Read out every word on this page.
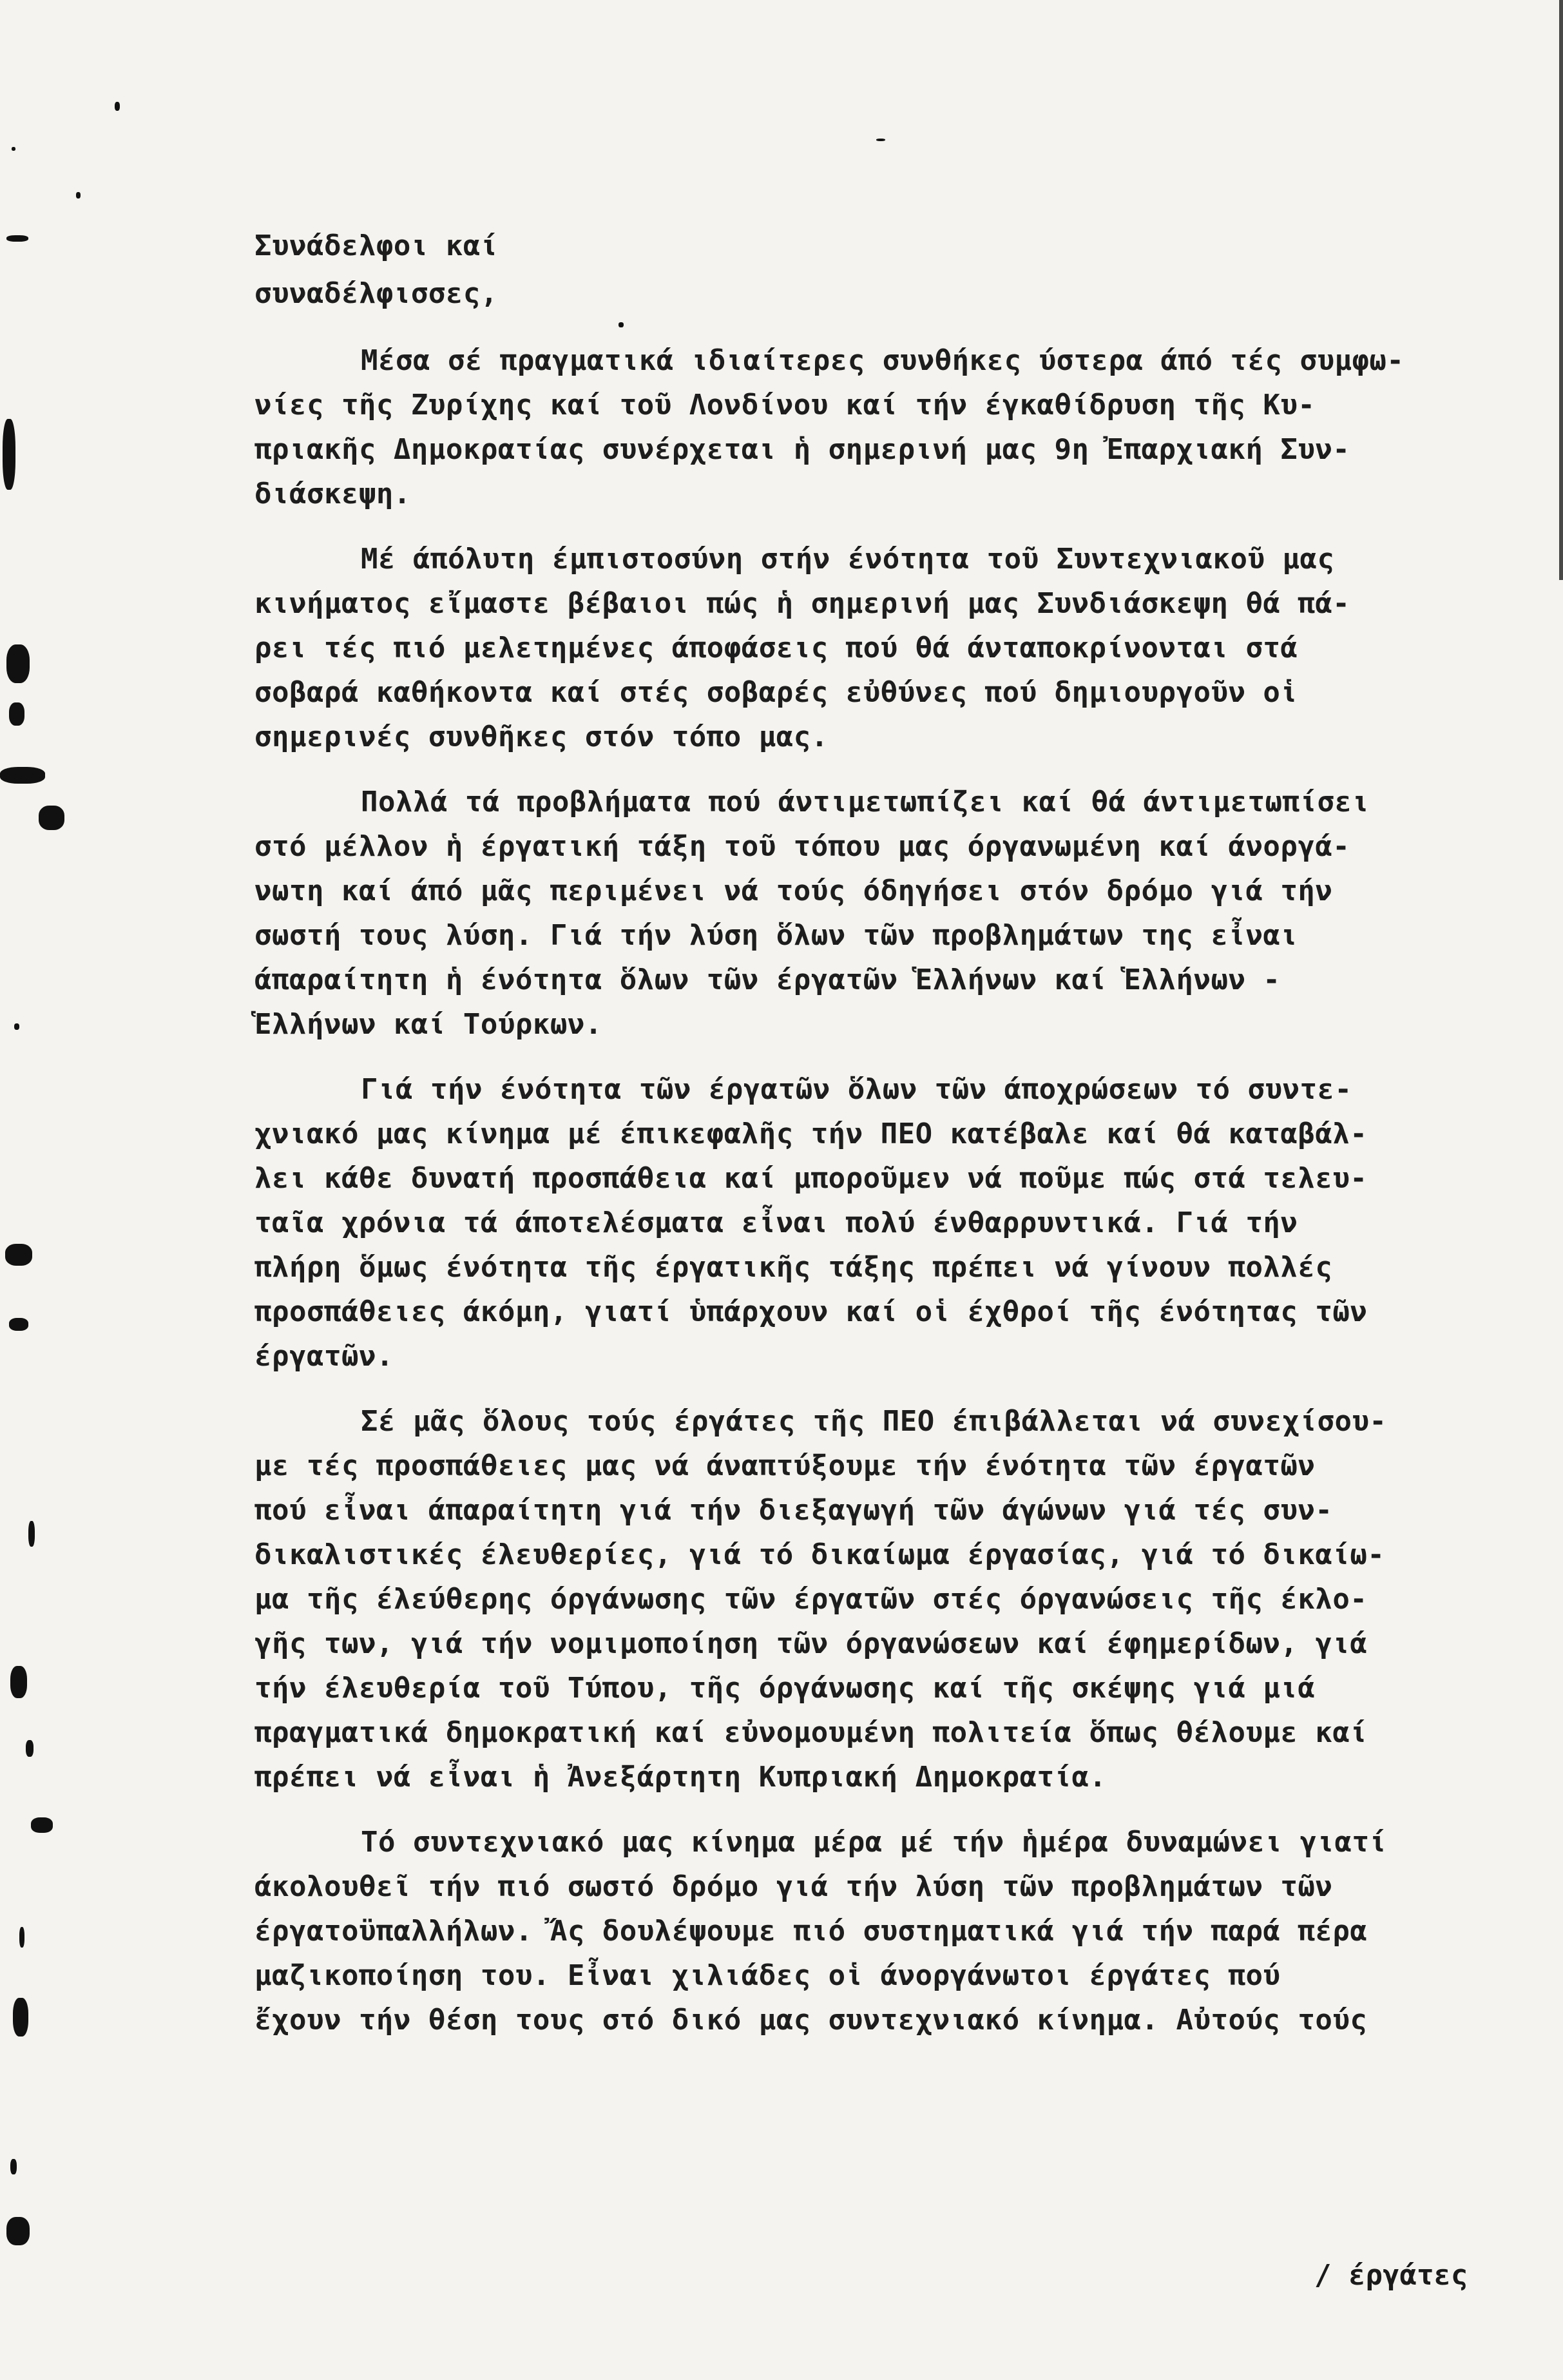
Συνάδελφοι καί
συναδέλφισσες,
Μέσα σέ πραγματικά ιδιαίτερες συνθήκες ύστερα άπό τές συμφω-
νίες τῆς Ζυρίχης καί τοῦ Λονδίνου καί τήν έγκαθίδρυση τῆς Κυ-
πριακῆς Δημοκρατίας συνέρχεται ἡ σημερινή μας 9η Ἐπαρχιακή Συν-
διάσκεψη.
Μέ άπόλυτη έμπιστοσύνη στήν ένότητα τοῦ Συντεχνιακοῦ μας
κινήματος εἴμαστε βέβαιοι πώς ἡ σημερινή μας Συνδιάσκεψη θά πά-
ρει τές πιό μελετημένες άποφάσεις πού θά άνταποκρίνονται στά
σοβαρά καθήκοντα καί στές σοβαρές εὐθύνες πού δημιουργοῦν οἱ
σημερινές συνθῆκες στόν τόπο μας.
Πολλά τά προβλήματα πού άντιμετωπίζει καί θά άντιμετωπίσει
στό μέλλον ἡ έργατική τάξη τοῦ τόπου μας όργανωμένη καί άνοργά-
νωτη καί άπό μᾶς περιμένει νά τούς όδηγήσει στόν δρόμο γιά τήν
σωστή τους λύση. Γιά τήν λύση ὅλων τῶν προβλημάτων της εἶναι
άπαραίτητη ἡ ένότητα ὅλων τῶν έργατῶν Ἑλλήνων καί Ἑλλήνων -
Ἑλλήνων καί Τούρκων.
Γιά τήν ένότητα τῶν έργατῶν ὅλων τῶν άποχρώσεων τό συντε-
χνιακό μας κίνημα μέ έπικεφαλῆς τήν ΠΕΟ κατέβαλε καί θά καταβάλ-
λει κάθε δυνατή προσπάθεια καί μποροῦμεν νά ποῦμε πώς στά τελευ-
ταῖα χρόνια τά άποτελέσματα εἶναι πολύ ένθαρρυντικά. Γιά τήν
πλήρη ὅμως ένότητα τῆς έργατικῆς τάξης πρέπει νά γίνουν πολλές
προσπάθειες άκόμη, γιατί ὑπάρχουν καί οἱ έχθροί τῆς ένότητας τῶν
έργατῶν.
Σέ μᾶς ὅλους τούς έργάτες τῆς ΠΕΟ έπιβάλλεται νά συνεχίσου-
με τές προσπάθειες μας νά άναπτύξουμε τήν ένότητα τῶν έργατῶν
πού εἶναι άπαραίτητη γιά τήν διεξαγωγή τῶν άγώνων γιά τές συν-
δικαλιστικές έλευθερίες, γιά τό δικαίωμα έργασίας, γιά τό δικαίω-
μα τῆς έλεύθερης όργάνωσης τῶν έργατῶν στές όργανώσεις τῆς έκλο-
γῆς των, γιά τήν νομιμοποίηση τῶν όργανώσεων καί έφημερίδων, γιά
τήν έλευθερία τοῦ Τύπου, τῆς όργάνωσης καί τῆς σκέψης γιά μιά
πραγματικά δημοκρατική καί εὐνομουμένη πολιτεία ὅπως θέλουμε καί
πρέπει νά εἶναι ἡ Ἀνεξάρτητη Κυπριακή Δημοκρατία.
Τό συντεχνιακό μας κίνημα μέρα μέ τήν ἡμέρα δυναμώνει γιατί
άκολουθεῖ τήν πιό σωστό δρόμο γιά τήν λύση τῶν προβλημάτων τῶν
έργατοϋπαλλήλων. Ἄς δουλέψουμε πιό συστηματικά γιά τήν παρά πέρα
μαζικοποίηση του. Εἶναι χιλιάδες οἱ άνοργάνωτοι έργάτες πού
ἔχουν τήν θέση τους στό δικό μας συντεχνιακό κίνημα. Αὐτούς τούς
/ έργάτες
